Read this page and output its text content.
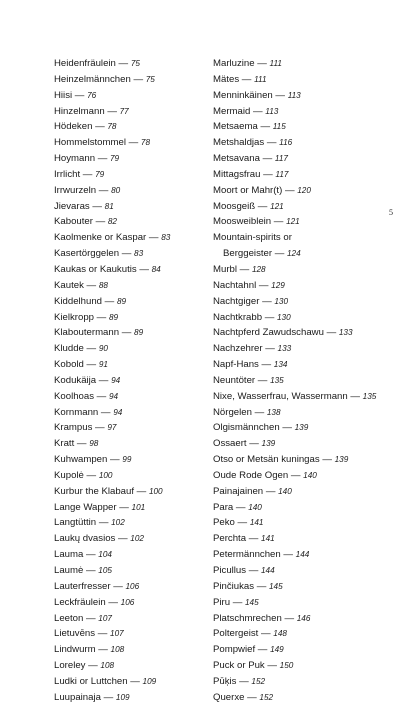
Heidenfräulein — 75
Heinzelmännchen — 75
Hiisi — 76
Hinzelmann — 77
Hödeken — 78
Hommelstommel — 78
Hoymann — 79
Irrlicht — 79
Irrwurzeln — 80
Jievaras — 81
Kabouter — 82
Kaolmenke or Kaspar — 83
Kasertörggelen — 83
Kaukas or Kaukutis — 84
Kautek — 88
Kiddelhund — 89
Kielkropp — 89
Klaboutermann — 89
Kludde — 90
Kobold — 91
Kodukäija — 94
Koolhoas — 94
Kornmann — 94
Krampus — 97
Kratt — 98
Kuhwampen — 99
Kupolė — 100
Kurbur the Klabauf — 100
Lange Wapper — 101
Langtüttin — 102
Laukų dvasios — 102
Lauma — 104
Laumė — 105
Lauterfresser — 106
Leckfräulein — 106
Leeton — 107
Lietuvēns — 107
Lindwurm — 108
Loreley — 108
Ludki or Luttchen — 109
Luupainaja — 109
Marluzine — 111
Mätes — 111
Menninkäinen — 113
Mermaid — 113
Metsaema — 115
Metshaldjas — 116
Metsavana — 117
Mittagsfrau — 117
Moort or Mahr(t) — 120
Moosgeiß — 121
Moosweiblein — 121
Mountain-spirits or
Berggeister — 124
Murbl — 128
Nachtahnl — 129
Nachtgiger — 130
Nachtkrabb — 130
Nachtpferd Zawudschawu — 133
Nachzehrer — 133
Napf-Hans — 134
Neuntöter — 135
Nixe, Wasserfrau, Wassermann — 135
Nörgelen — 138
Olgismännchen — 139
Ossaert — 139
Otso or Metsän kuningas — 139
Oude Rode Ogen — 140
Painajainen — 140
Para — 140
Peko — 141
Perchta — 141
Petermännchen — 144
Picullus — 144
Pinčiukas — 145
Piru — 145
Platschmrechen — 146
Poltergeist — 148
Pompwief — 149
Puck or Puk — 150
Pūķis — 152
Querxe — 152
5
